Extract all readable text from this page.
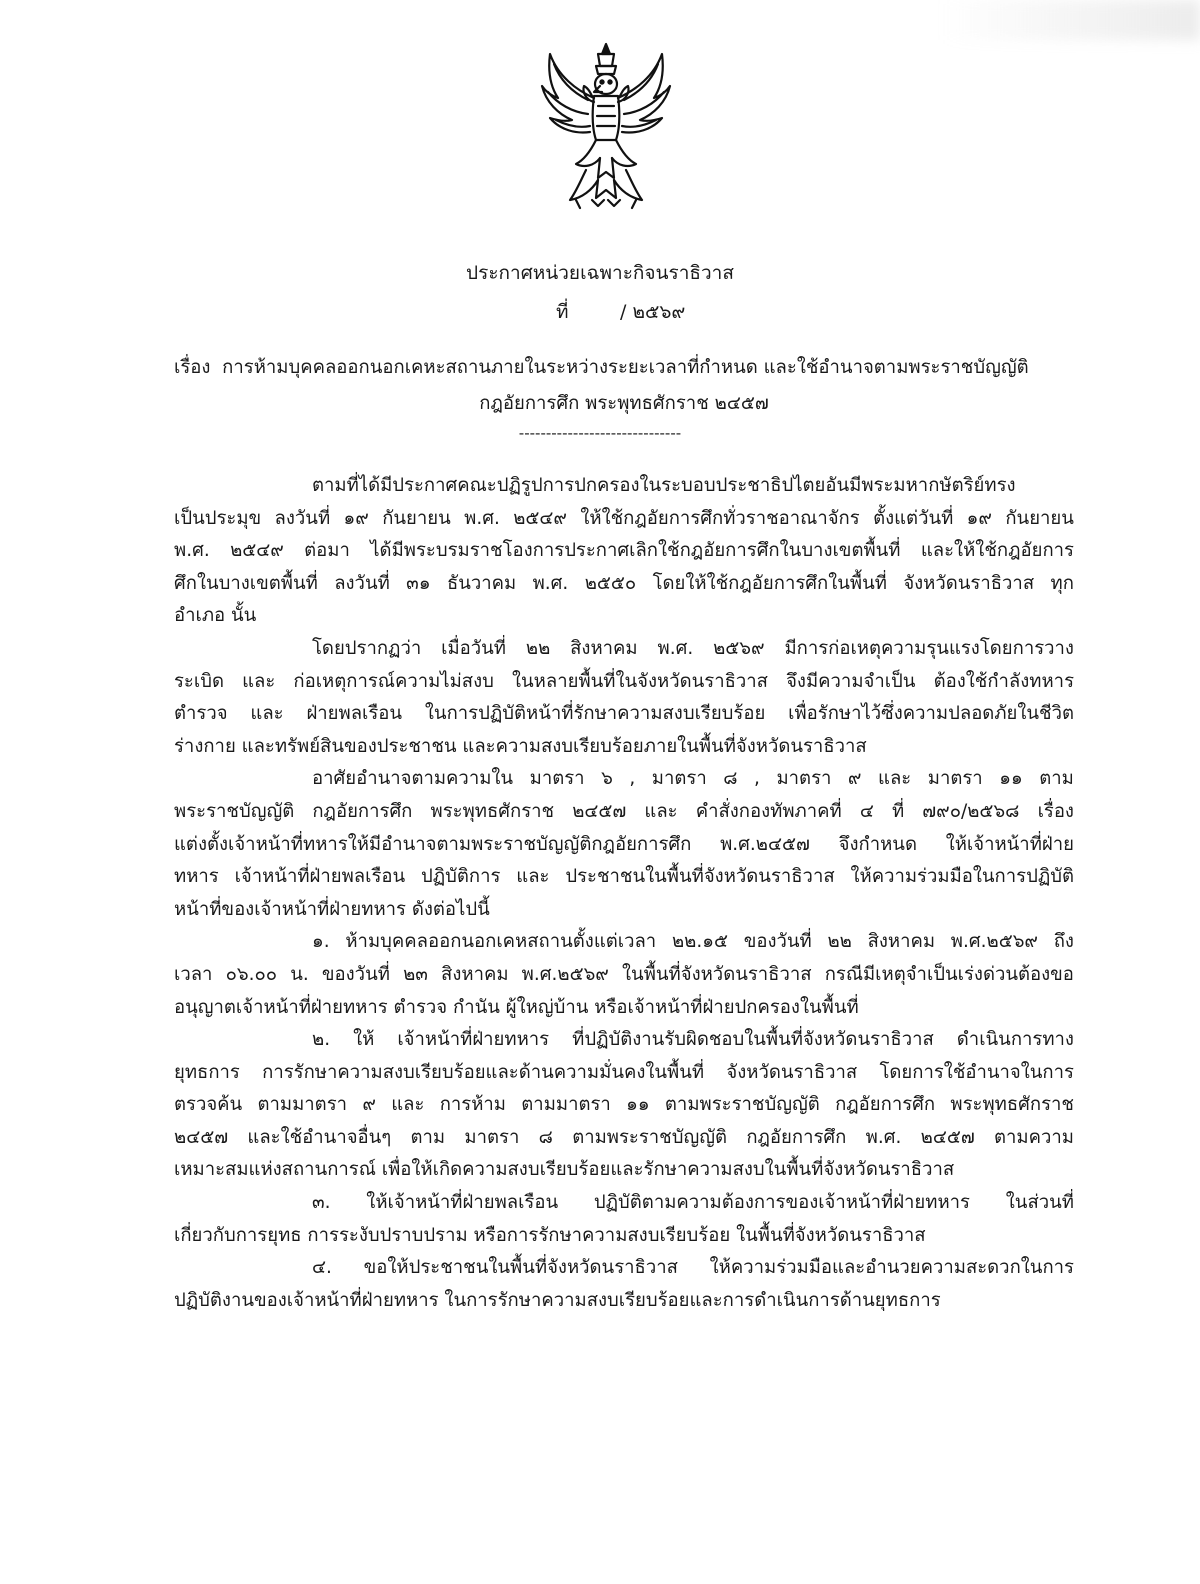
ประกาศหน่วยเฉพาะกิจนราธิวาส
ที่	/ ๒๕๖๙
เรื่อง การห้ามบุคคลออกนอกเคหะสถานภายในระหว่างระยะเวลาที่กำหนด และใช้อำนาจตามพระราชบัญญัติ
กฎอัยการศึก พระพุทธศักราช ๒๔๕๗
------------------------------
ตามที่ได้มีประกาศคณะปฏิรูปการปกครองในระบอบประชาธิปไตยอันมีพระมหากษัตริย์ทรง
เป็นประมุข ลงวันที่ ๑๙ กันยายน พ.ศ. ๒๕๔๙ ให้ใช้กฎอัยการศึกทั่วราชอาณาจักร ตั้งแต่วันที่ ๑๙ กันยายน
พ.ศ. ๒๕๔๙ ต่อมา ได้มีพระบรมราชโองการประกาศเลิกใช้กฎอัยการศึกในบางเขตพื้นที่ และให้ใช้กฎอัยการ
ศึกในบางเขตพื้นที่ ลงวันที่ ๓๑ ธันวาคม พ.ศ. ๒๕๕๐ โดยให้ใช้กฎอัยการศึกในพื้นที่ จังหวัดนราธิวาส ทุก
อำเภอ นั้น
โดยปรากฏว่า เมื่อวันที่ ๒๒ สิงหาคม พ.ศ. ๒๕๖๙ มีการก่อเหตุความรุนแรงโดยการวาง
ระเบิด และ ก่อเหตุการณ์ความไม่สงบ ในหลายพื้นที่ในจังหวัดนราธิวาส จึงมีความจำเป็น ต้องใช้กำลังทหาร
ตำรวจ และ ฝ่ายพลเรือน ในการปฏิบัติหน้าที่รักษาความสงบเรียบร้อย เพื่อรักษาไว้ซึ่งความปลอดภัยในชีวิต
ร่างกาย และทรัพย์สินของประชาชน และความสงบเรียบร้อยภายในพื้นที่จังหวัดนราธิวาส
อาศัยอำนาจตามความใน มาตรา ๖ , มาตรา ๘ , มาตรา ๙ และ มาตรา ๑๑ ตาม
พระราชบัญญัติ กฎอัยการศึก พระพุทธศักราช ๒๔๕๗ และ คำสั่งกองทัพภาคที่ ๔ ที่ ๗๙๐/๒๕๖๘ เรื่อง
แต่งตั้งเจ้าหน้าที่ทหารให้มีอำนาจตามพระราชบัญญัติกฎอัยการศึก พ.ศ.๒๔๕๗ จึงกำหนด ให้เจ้าหน้าที่ฝ่าย
ทหาร เจ้าหน้าที่ฝ่ายพลเรือน ปฏิบัติการ และ ประชาชนในพื้นที่จังหวัดนราธิวาส ให้ความร่วมมือในการปฏิบัติ
หน้าที่ของเจ้าหน้าที่ฝ่ายทหาร ดังต่อไปนี้
๑. ห้ามบุคคลออกนอกเคหสถานตั้งแต่เวลา ๒๒.๑๕ ของวันที่ ๒๒ สิงหาคม พ.ศ.๒๕๖๙ ถึง
เวลา ๐๖.๐๐ น. ของวันที่ ๒๓ สิงหาคม พ.ศ.๒๕๖๙ ในพื้นที่จังหวัดนราธิวาส กรณีมีเหตุจำเป็นเร่งด่วนต้องขอ
อนุญาตเจ้าหน้าที่ฝ่ายทหาร ตำรวจ กำนัน ผู้ใหญ่บ้าน หรือเจ้าหน้าที่ฝ่ายปกครองในพื้นที่
๒. ให้ เจ้าหน้าที่ฝ่ายทหาร ที่ปฏิบัติงานรับผิดชอบในพื้นที่จังหวัดนราธิวาส ดำเนินการทาง
ยุทธการ การรักษาความสงบเรียบร้อยและด้านความมั่นคงในพื้นที่ จังหวัดนราธิวาส โดยการใช้อำนาจในการ
ตรวจค้น ตามมาตรา ๙ และ การห้าม ตามมาตรา ๑๑ ตามพระราชบัญญัติ กฎอัยการศึก พระพุทธศักราช
๒๔๕๗ และใช้อำนาจอื่นๆ ตาม มาตรา ๘ ตามพระราชบัญญัติ กฎอัยการศึก พ.ศ. ๒๔๕๗ ตามความ
เหมาะสมแห่งสถานการณ์ เพื่อให้เกิดความสงบเรียบร้อยและรักษาความสงบในพื้นที่จังหวัดนราธิวาส
๓. ให้เจ้าหน้าที่ฝ่ายพลเรือน ปฏิบัติตามความต้องการของเจ้าหน้าที่ฝ่ายทหาร ในส่วนที่
เกี่ยวกับการยุทธ การระงับปราบปราม หรือการรักษาความสงบเรียบร้อย ในพื้นที่จังหวัดนราธิวาส
๔. ขอให้ประชาชนในพื้นที่จังหวัดนราธิวาส ให้ความร่วมมือและอำนวยความสะดวกในการ
ปฏิบัติงานของเจ้าหน้าที่ฝ่ายทหาร ในการรักษาความสงบเรียบร้อยและการดำเนินการด้านยุทธการ
